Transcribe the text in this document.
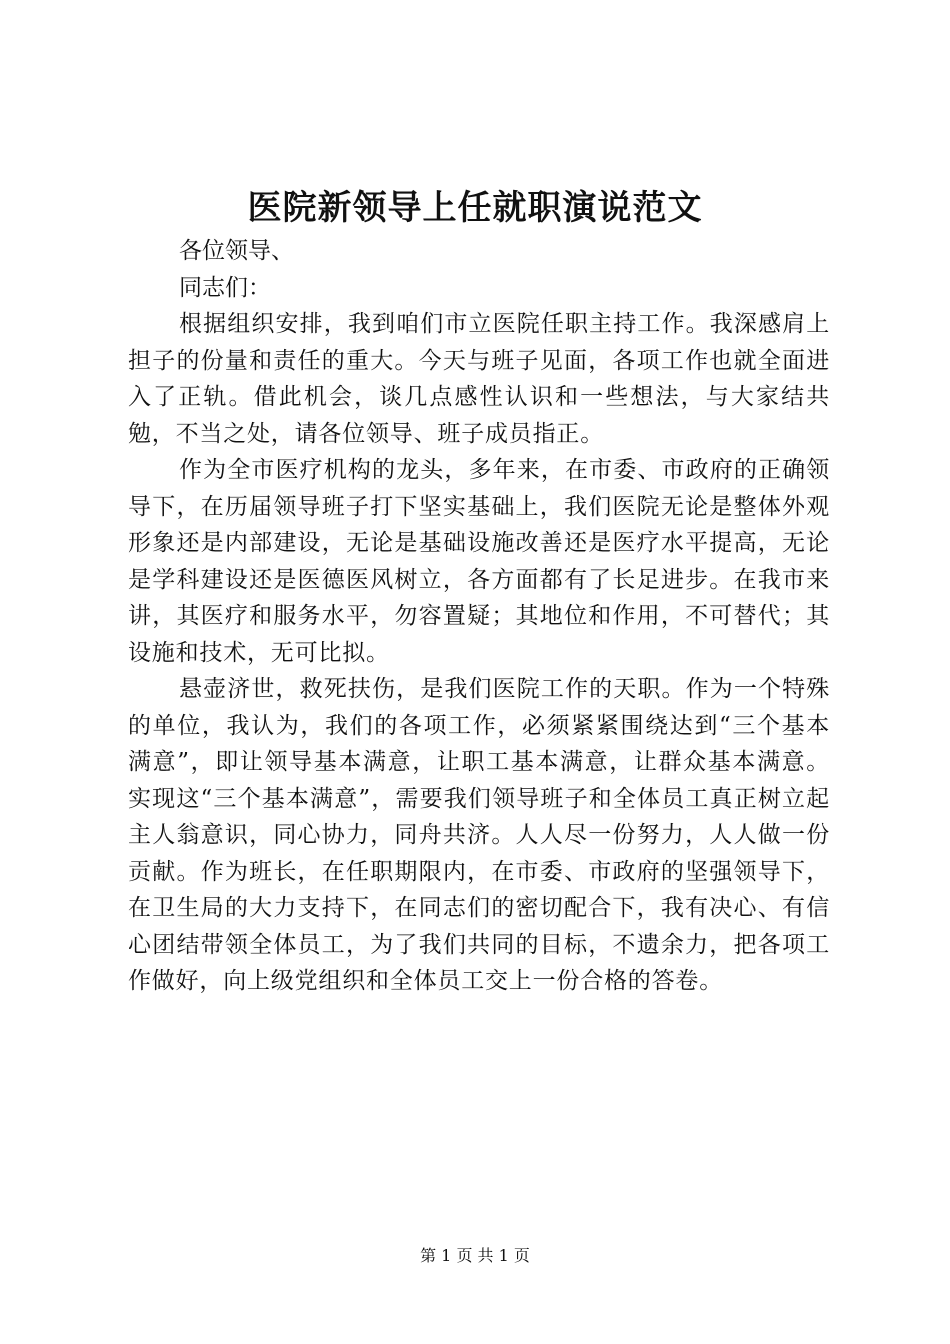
医院新领导上任就职演说范文

各位领导、

同志们：

根据组织安排，我到咱们市立医院任职主持工作。我深感肩上担子的份量和责任的重大。今天与班子见面，各项工作也就全面进入了正轨。借此机会，谈几点感性认识和一些想法，与大家结共勉，不当之处，请各位领导、班子成员指正。

作为全市医疗机构的龙头，多年来，在市委、市政府的正确领导下，在历届领导班子打下坚实基础上，我们医院无论是整体外观形象还是内部建设，无论是基础设施改善还是医疗水平提高，无论是学科建设还是医德医风树立，各方面都有了长足进步。在我市来讲，其医疗和服务水平，勿容置疑；其地位和作用，不可替代；其设施和技术，无可比拟。

悬壶济世，救死扶伤，是我们医院工作的天职。作为一个特殊的单位，我认为，我们的各项工作，必须紧紧围绕达到“三个基本满意”，即让领导基本满意，让职工基本满意，让群众基本满意。实现这“三个基本满意”，需要我们领导班子和全体员工真正树立起主人翁意识，同心协力，同舟共济。人人尽一份努力，人人做一份贡献。作为班长，在任职期限内，在市委、市政府的坚强领导下，在卫生局的大力支持下，在同志们的密切配合下，我有决心、有信心团结带领全体员工，为了我们共同的目标，不遗余力，把各项工作做好，向上级党组织和全体员工交上一份合格的答卷。

第 1 页 共 1 页
